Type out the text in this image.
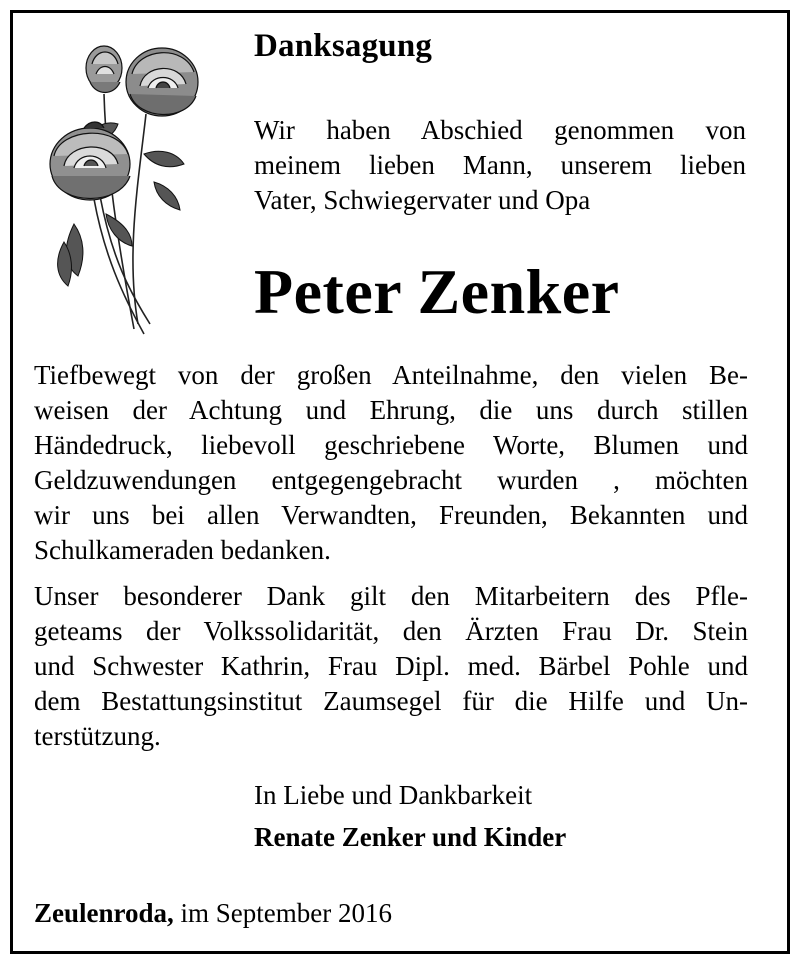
Danksagung
Wir haben Abschied genommen von
meinem lieben Mann, unserem lieben
Vater, Schwiegervater und Opa
Peter Zenker
Tiefbewegt von der großen Anteilnahme, den vielen Be-
weisen der Achtung und Ehrung, die uns durch stillen
Händedruck, liebevoll geschriebene Worte, Blumen und
Geldzuwendungen entgegengebracht wurden , möchten
wir uns bei allen Verwandten, Freunden, Bekannten und
Schulkameraden bedanken.
Unser besonderer Dank gilt den Mitarbeitern des Pfle-
geteams der Volkssolidarität, den Ärzten Frau Dr. Stein
und Schwester Kathrin, Frau Dipl. med. Bärbel Pohle und
dem Bestattungsinstitut Zaumsegel für die Hilfe und Un-
terstützung.
In Liebe und Dankbarkeit
Renate Zenker und Kinder
Zeulenroda, im September 2016
